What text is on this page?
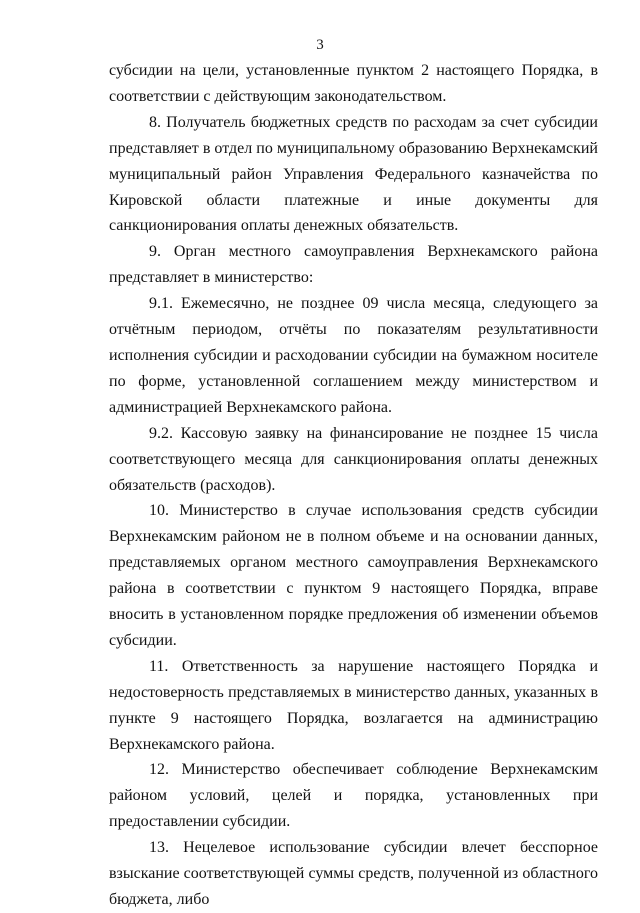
3

субсидии на цели, установленные пунктом 2 настоящего Порядка, в соответствии с действующим законодательством.

8. Получатель бюджетных средств по расходам за счет субсидии представляет в отдел по муниципальному образованию Верхнекамский муниципальный район Управления Федерального казначейства по Кировской области платежные и иные документы для санкционирования оплаты денежных обязательств.

9. Орган местного самоуправления Верхнекамского района представляет в министерство:

9.1. Ежемесячно, не позднее 09 числа месяца, следующего за отчётным периодом, отчёты по показателям результативности исполнения субсидии и расходовании субсидии на бумажном носителе по форме, установленной соглашением между министерством и администрацией Верхнекамского района.

9.2. Кассовую заявку на финансирование не позднее 15 числа соответствующего месяца для санкционирования оплаты денежных обязательств (расходов).

10. Министерство в случае использования средств субсидии Верхнекамским районом не в полном объеме и на основании данных, представляемых органом местного самоуправления Верхнекамского района в соответствии с пунктом 9 настоящего Порядка, вправе вносить в установленном порядке предложения об изменении объемов субсидии.

11. Ответственность за нарушение настоящего Порядка и недостоверность представляемых в министерство данных, указанных в пункте 9 настоящего Порядка, возлагается на администрацию Верхнекамского района.

12. Министерство обеспечивает соблюдение Верхнекамским районом условий, целей и порядка, установленных при предоставлении субсидии.

13. Нецелевое использование субсидии влечет бесспорное взыскание соответствующей суммы средств, полученной из областного бюджета, либо
